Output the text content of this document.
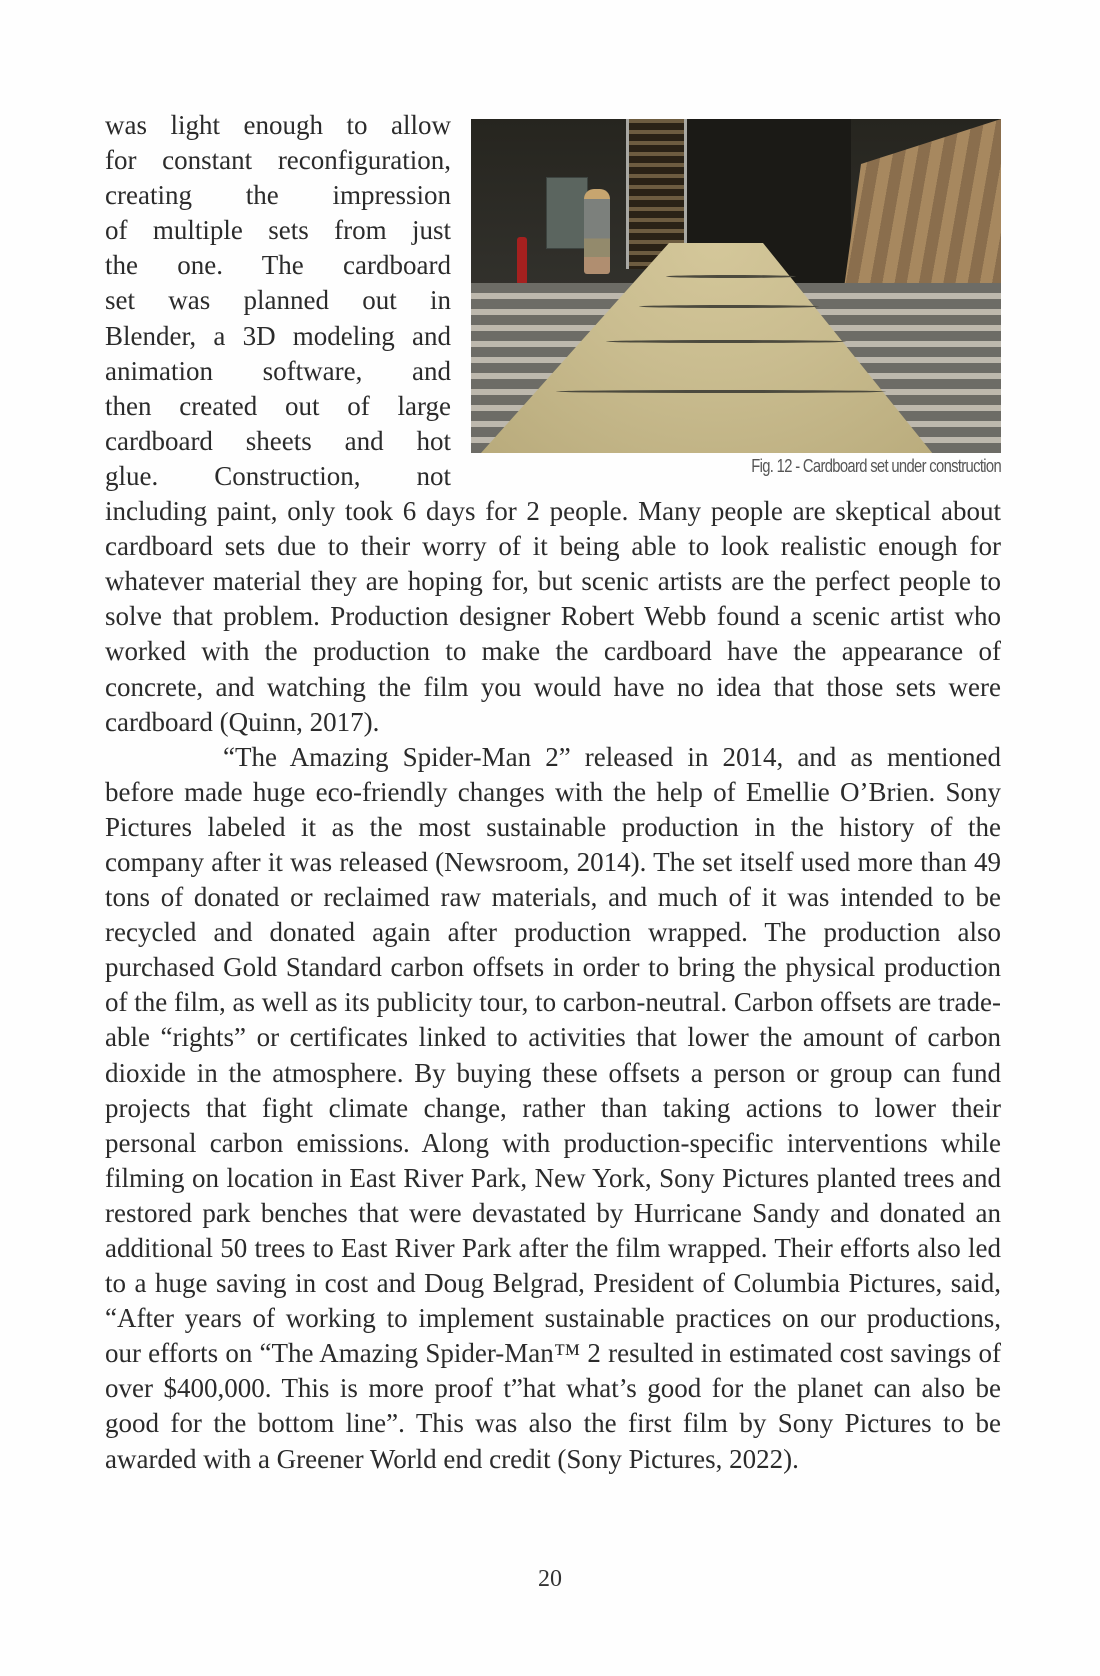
Fig. 12 - Cardboard set under construction
was light enough to allow
for constant reconfiguration,
creating the impression
of multiple sets from just
the one. The cardboard
set was planned out in
Blender, a 3D modeling and
animation software, and
then created out of large
cardboard sheets and hot
glue. Construction, not

including paint, only took 6 days for 2 people. Many people are skeptical about cardboard sets due to their worry of it being able to look realistic enough for whatever material they are hoping for, but scenic artists are the perfect people to solve that problem. Production designer Robert Webb found a scenic artist who worked with the production to make the cardboard have the appearance of concrete, and watching the film you would have no idea that those sets were cardboard (Quinn, 2017).

“The Amazing Spider-Man 2” released in 2014, and as mentioned before made huge eco-friendly changes with the help of Emellie O’Brien. Sony Pictures labeled it as the most sustainable production in the history of the company after it was released (Newsroom, 2014). The set itself used more than 49 tons of donated or reclaimed raw materials, and much of it was intended to be recycled and donated again after production wrapped. The production also purchased Gold Standard carbon offsets in order to bring the physical production of the film, as well as its publicity tour, to carbon-neutral. Carbon offsets are trade-able “rights” or certificates linked to activities that lower the amount of carbon dioxide in the atmosphere. By buying these offsets a person or group can fund projects that fight climate change, rather than taking actions to lower their personal carbon emissions. Along with production-specific interventions while filming on location in East River Park, New York, Sony Pictures planted trees and restored park benches that were devastated by Hurricane Sandy and donated an additional 50 trees to East River Park after the film wrapped. Their efforts also led to a huge saving in cost and Doug Belgrad, President of Columbia Pictures, said, “After years of working to implement sustainable practices on our productions, our efforts on “The Amazing Spider-Man™ 2 resulted in estimated cost savings of over $400,000. This is more proof t”hat what’s good for the planet can also be good for the bottom line”. This was also the first film by Sony Pictures to be awarded with a Greener World end credit (Sony Pictures, 2022).

20
